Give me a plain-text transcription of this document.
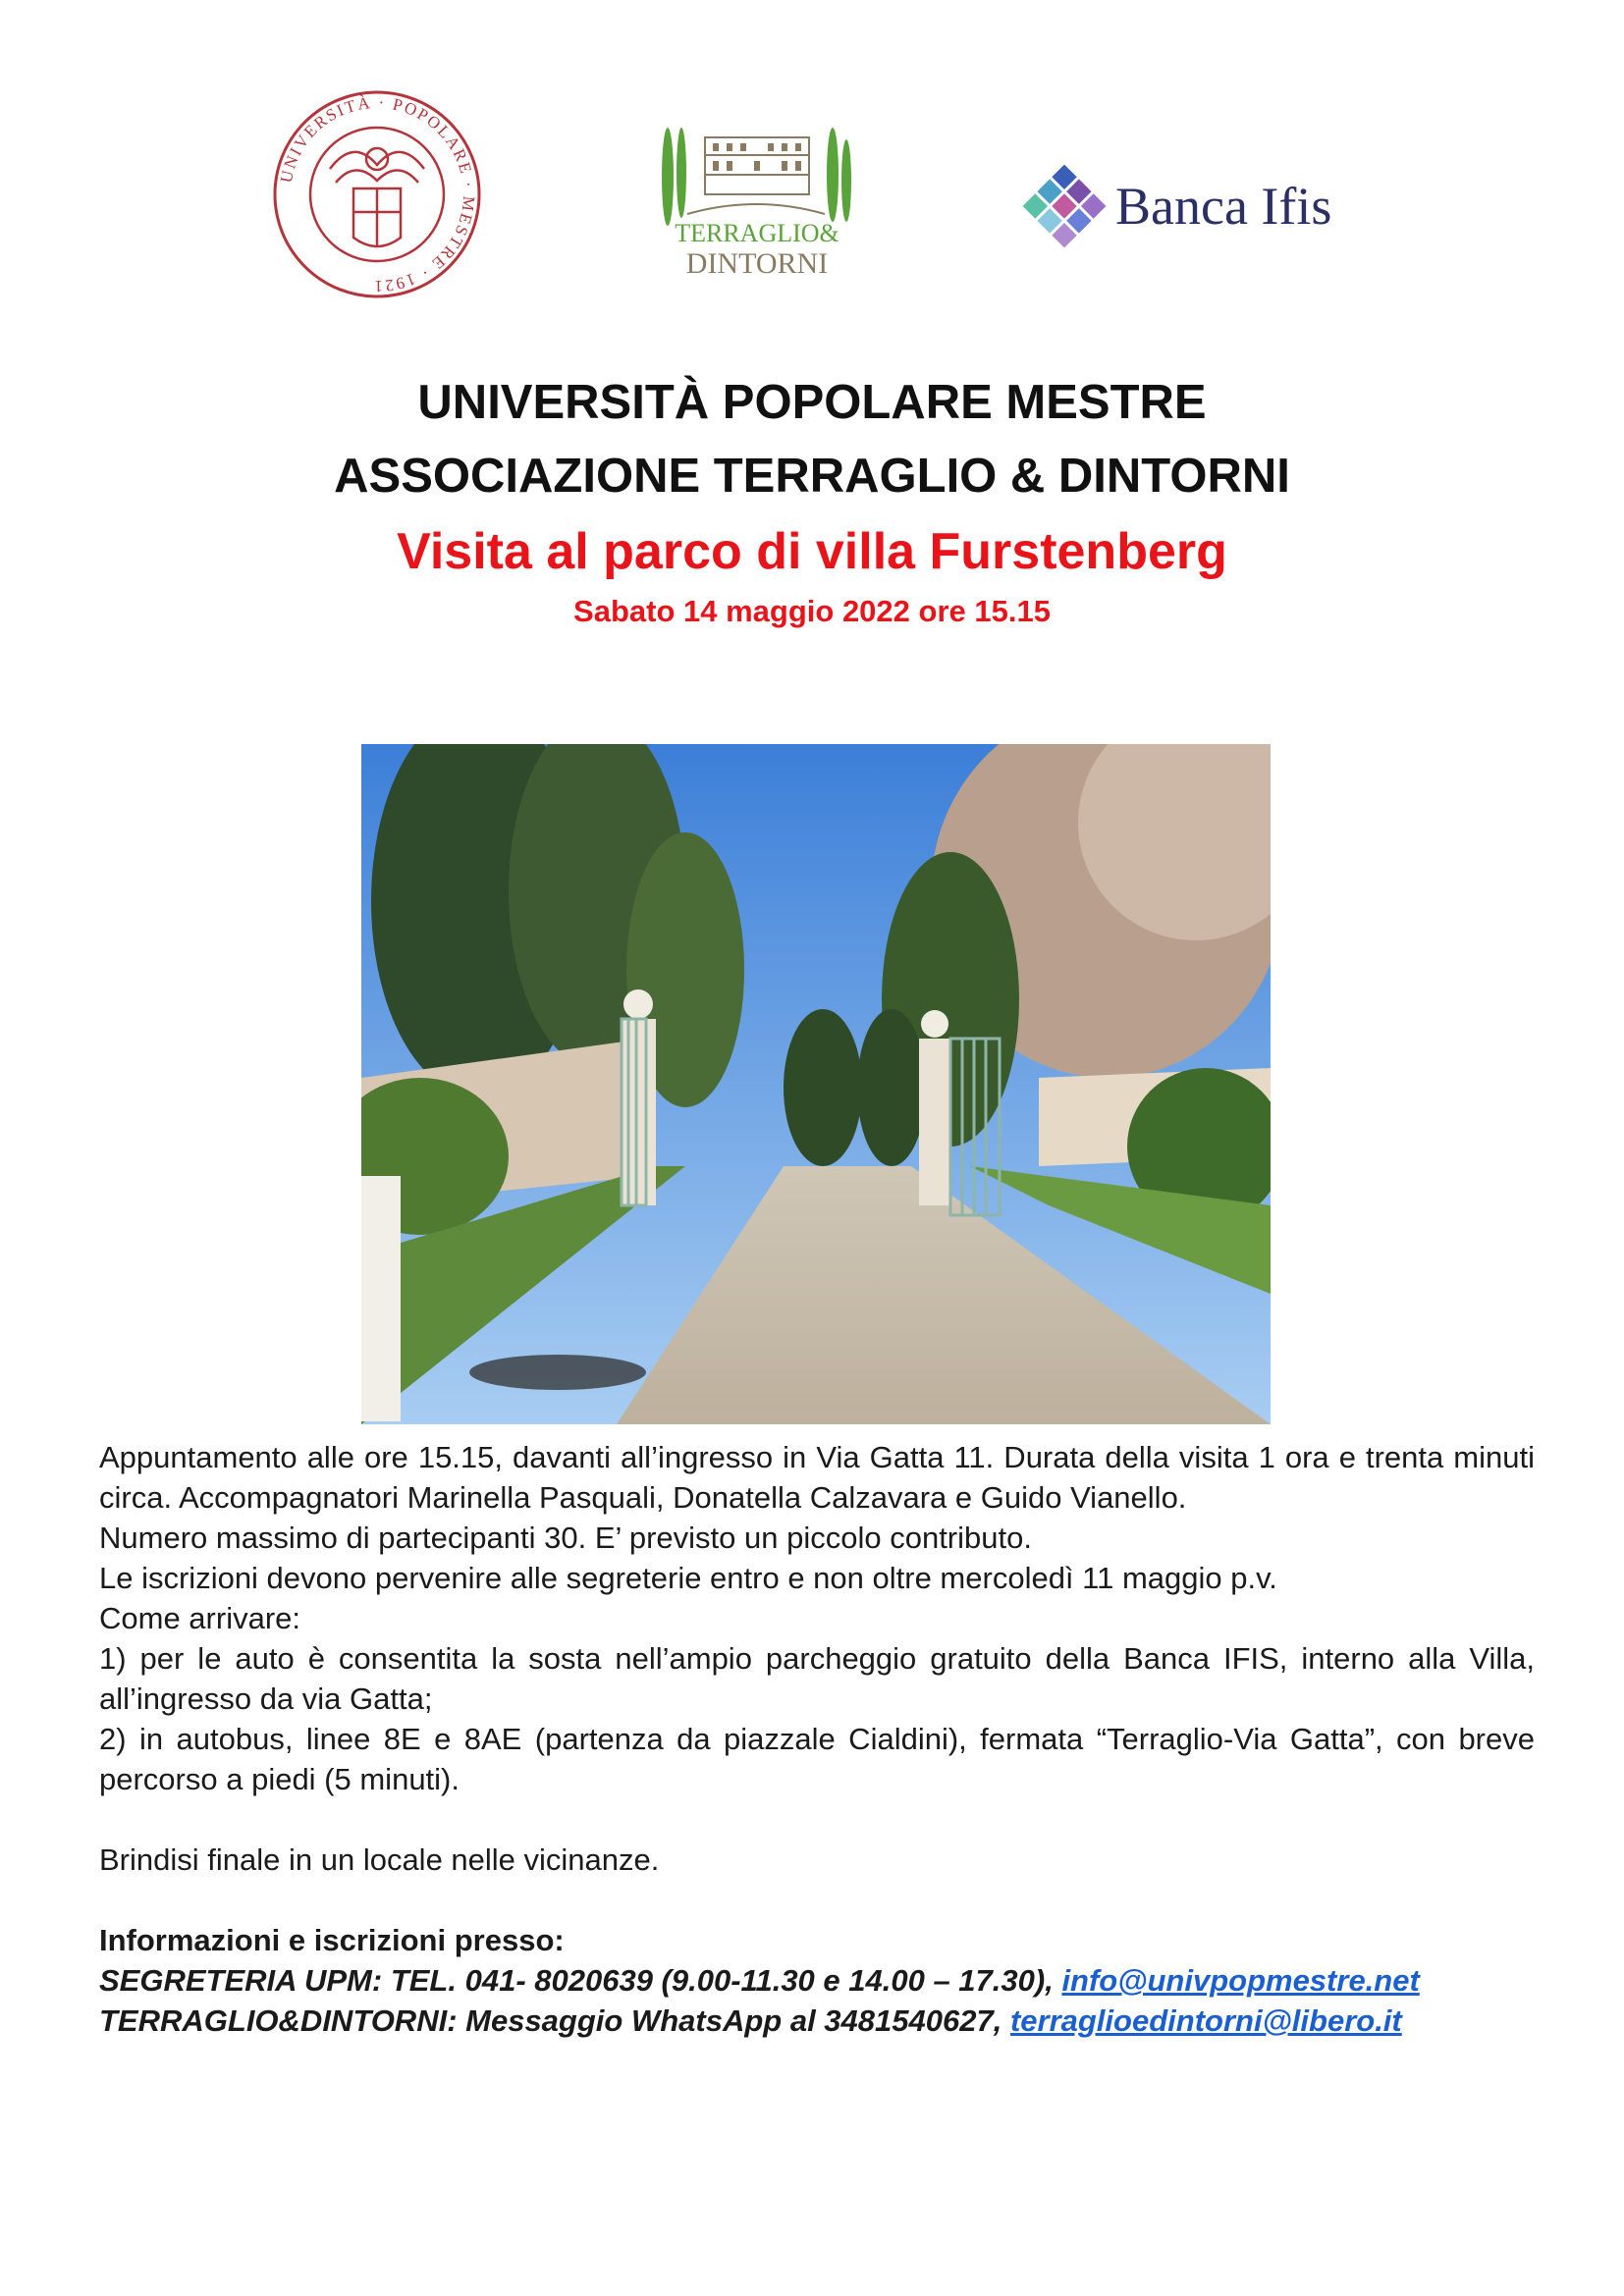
UNIVERSITÀ · POPOLARE · MESTRE · 1921
TERRAGLIO&
DINTORNI
Banca Ifis
UNIVERSITÀ POPOLARE MESTRE
ASSOCIAZIONE TERRAGLIO & DINTORNI
Visita al parco di villa Furstenberg
Sabato 14 maggio 2022 ore 15.15

Appuntamento alle ore 15.15, davanti all’ingresso in Via Gatta 11. Durata della visita 1 ora e trenta minuti circa. Accompagnatori Marinella Pasquali, Donatella Calzavara e Guido Vianello.

Numero massimo di partecipanti 30. E’ previsto un piccolo contributo.

Le iscrizioni devono pervenire alle segreterie entro e non oltre mercoledì 11 maggio p.v.

Come arrivare:

1) per le auto è consentita la sosta nell’ampio parcheggio gratuito della Banca IFIS, interno alla Villa, all’ingresso da via Gatta;

2) in autobus, linee 8E e 8AE (partenza da piazzale Cialdini), fermata “Terraglio-Via Gatta”, con breve percorso a piedi (5 minuti).

Brindisi finale in un locale nelle vicinanze.

Informazioni e iscrizioni presso:

SEGRETERIA UPM: TEL. 041- 8020639 (9.00-11.30 e 14.00 – 17.30), info@univpopmestre.net

TERRAGLIO&DINTORNI: Messaggio WhatsApp al 3481540627, terraglioedintorni@libero.it
